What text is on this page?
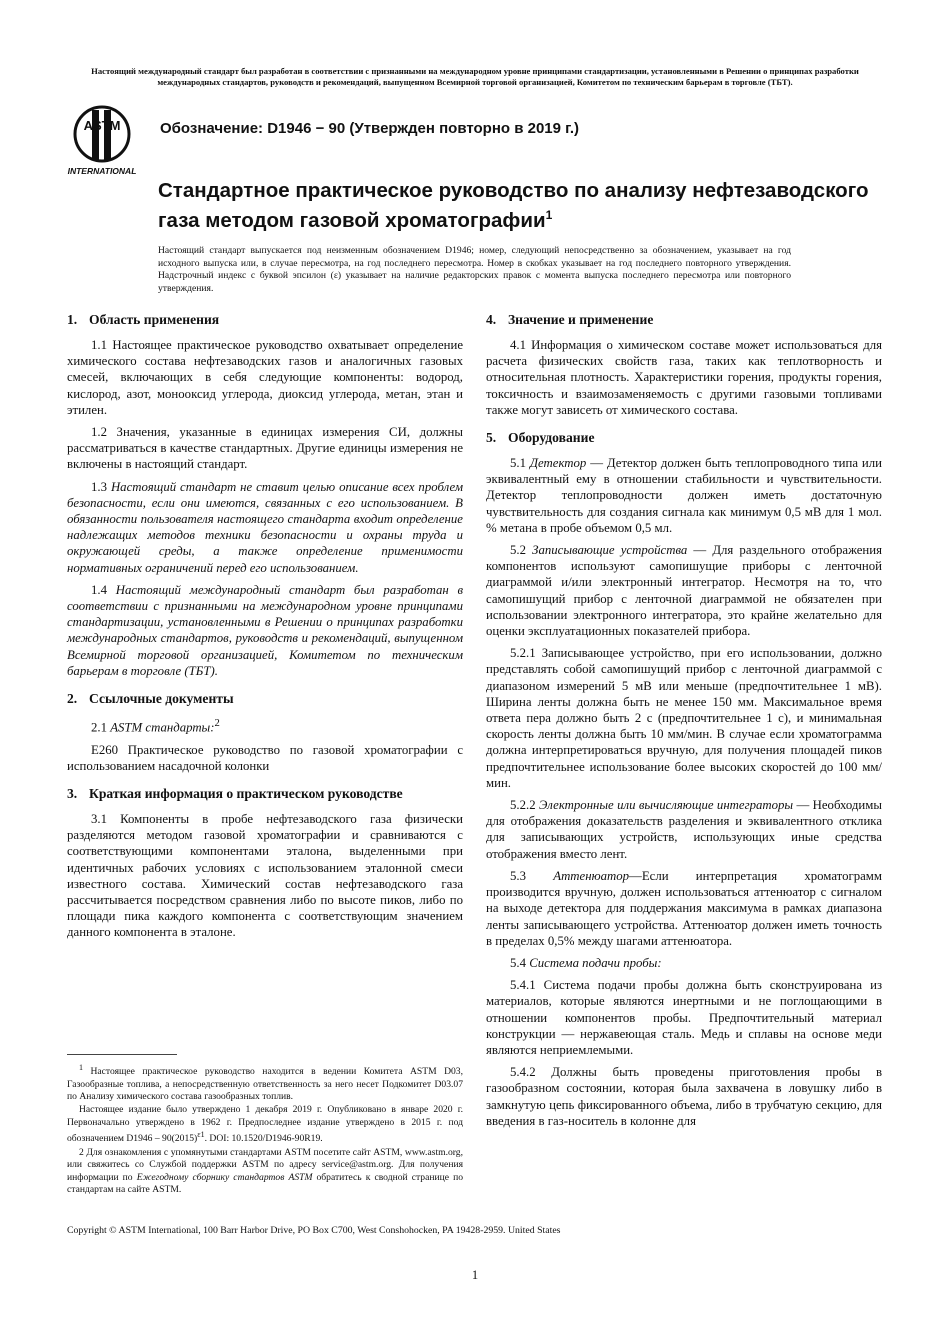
Настоящий международный стандарт был разработан в соответствии с признанными на международном уровне принципами стандартизации, установленными в Решении о принципах разработки международных стандартов, руководств и рекомендаций, выпущенном Всемирной торговой организацией, Комитетом по техническим барьерам в торговле (ТБТ).
ASTM
INTERNATIONAL
Обозначение: D1946 − 90 (Утвержден повторно в 2019 г.)
Стандартное практическое руководство по анализу нефтезаводского газа методом газовой хроматографии$^1$
Настоящий стандарт выпускается под неизменным обозначением D1946; номер, следующий непосредственно за обозначением, указывает на год исходного выпуска или, в случае пересмотра, на год последнего пересмотра. Номер в скобках указывает на год последнего повторного утверждения. Надстрочный индекс с буквой эпсилон (ε) указывает на наличие редакторских правок с момента выпуска последнего пересмотра или повторного утверждения.
1. Область применения

1.1 Настоящее практическое руководство охватывает определение химического состава нефтезаводских газов и аналогичных газовых смесей, включающих в себя следующие компоненты: водород, кислород, азот, монооксид углерода, диоксид углерода, метан, этан и этилен.

1.2 Значения, указанные в единицах измерения СИ, должны рассматриваться в качестве стандартных. Другие единицы измерения не включены в настоящий стандарт.

1.3 Настоящий стандарт не ставит целью описание всех проблем безопасности, если они имеются, связанных с его использованием. В обязанности пользователя настоящего стандарта входит определение надлежащих методов техники безопасности и охраны труда и окружающей среды, а также определение применимости нормативных ограничений перед его использованием.

1.4 Настоящий международный стандарт был разработан в соответствии с признанными на международном уровне принципами стандартизации, установленными в Решении о принципах разработки международных стандартов, руководств и рекомендаций, выпущенном Всемирной торговой организацией, Комитетом по техническим барьерам в торговле (ТБТ).

2. Ссылочные документы

2.1 ASTM стандарты:$^2$

E260 Практическое руководство по газовой хроматографии с использованием насадочной колонки

3. Краткая информация о практическом руководстве

3.1 Компоненты в пробе нефтезаводского газа физически разделяются методом газовой хроматографии и сравниваются с соответствующими компонентами эталона, выделенными при идентичных рабочих условиях с использованием эталонной смеси известного состава. Химический состав нефтезаводского газа рассчитывается посредством сравнения либо по высоте пиков, либо по площади пика каждого компонента с соответствующим значением данного компонента в эталоне.

4. Значение и применение

4.1 Информация о химическом составе может использоваться для расчета физических свойств газа, таких как теплотворность и относительная плотность. Характеристики горения, продукты горения, токсичность и взаимозаменяемость с другими газовыми топливами также могут зависеть от химического состава.

5. Оборудование

5.1 Детектор — Детектор должен быть теплопроводного типа или эквивалентный ему в отношении стабильности и чувствительности. Детектор теплопроводности должен иметь достаточную чувствительность для создания сигнала как минимум 0,5 мВ для 1 мол. % метана в пробе объемом 0,5 мл.

5.2 Записывающие устройства — Для раздельного отображения компонентов используют самопишущие приборы с ленточной диаграммой и/или электронный интегратор. Несмотря на то, что самопишущий прибор с ленточной диаграммой не обязателен при использовании электронного интегратора, это крайне желательно для оценки эксплуатационных показателей прибора.

5.2.1 Записывающее устройство, при его использовании, должно представлять собой самопишущий прибор с ленточной диаграммой с диапазоном измерений 5 мВ или меньше (предпочтительнее 1 мВ). Ширина ленты должна быть не менее 150 мм. Максимальное время ответа пера должно быть 2 с (предпочтительнее 1 с), и минимальная скорость ленты должна быть 10 мм/мин. В случае если хроматограмма должна интерпретироваться вручную, для получения площадей пиков предпочтительнее использование более высоких скоростей до 100 мм/мин.

5.2.2 Электронные или вычисляющие интеграторы — Необходимы для отображения доказательств разделения и эквивалентного отклика для записывающих устройств, использующих иные средства отображения вместо лент.

5.3 Аттенюатор—Если интерпретация хроматограмм производится вручную, должен использоваться аттенюатор с сигналом на выходе детектора для поддержания максимума в рамках диапазона ленты записывающего устройства. Аттенюатор должен иметь точность в пределах 0,5% между шагами аттенюатора.

5.4 Система подачи пробы:

5.4.1 Система подачи пробы должна быть сконструирована из материалов, которые являются инертными и не поглощающими в отношении компонентов пробы. Предпочтительный материал конструкции — нержавеющая сталь. Медь и сплавы на основе меди являются неприемлемыми.

5.4.2 Должны быть проведены приготовления пробы в газообразном состоянии, которая была захвачена в ловушку либо в замкнутую цепь фиксированного объема, либо в трубчатую секцию, для введения в газ-носитель в колонне для

$^1$ Настоящее практическое руководство находится в ведении Комитета ASTM D03, Газообразные топлива, а непосредственную ответственность за него несет Подкомитет D03.07 по Анализу химического состава газообразных топлив.

Настоящее издание было утверждено 1 декабря 2019 г. Опубликовано в январе 2020 г. Первоначально утверждено в 1962 г. Предпоследнее издание утверждено в 2015 г. под обозначением $D1946 - 90(2015)^{\varepsilon 1}$. DOI: 10.1520/D1946-90R19.

2 Для ознакомления с упомянутыми стандартами ASTM посетите сайт ASTM, www.astm.org, или свяжитесь со Службой поддержки ASTM по адресу service@astm.org. Для получения информации по Ежегодному сборнику стандартов ASTM обратитесь к сводной странице по стандартам на сайте ASTM.

Copyright © ASTM International, 100 Barr Harbor Drive, PO Box C700, West Conshohocken, PA 19428-2959. United States
1
